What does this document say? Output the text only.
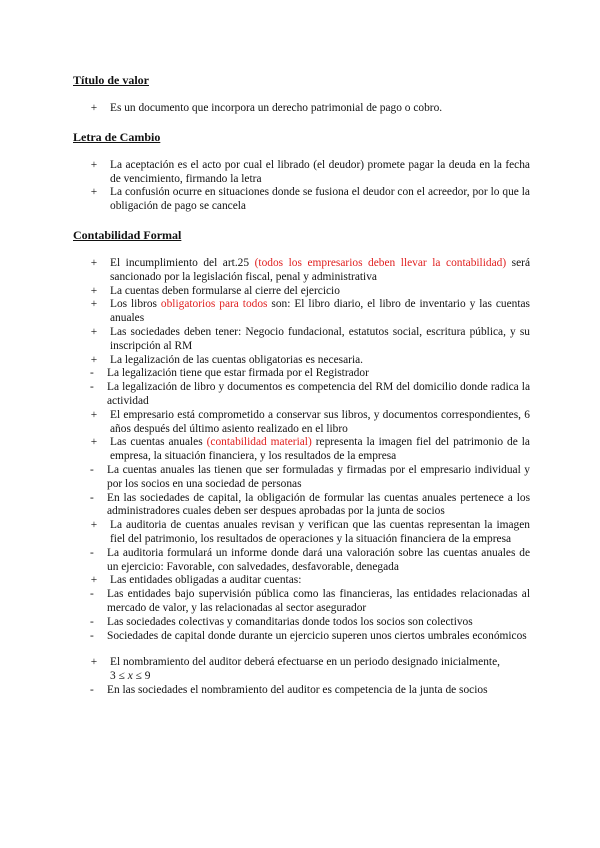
Título de valor
+ Es un documento que incorpora un derecho patrimonial de pago o cobro.
Letra de Cambio
+ La aceptación es el acto por cual el librado (el deudor) promete pagar la deuda en la fecha de vencimiento, firmando la letra
+ La confusión ocurre en situaciones donde se fusiona el deudor con el acreedor, por lo que la obligación de pago se cancela
Contabilidad Formal
+ El incumplimiento del art.25 (todos los empresarios deben llevar la contabilidad) será sancionado por la legislación fiscal, penal y administrativa
+ La cuentas deben formularse al cierre del ejercicio
+ Los libros obligatorios para todos son: El libro diario, el libro de inventario y las cuentas anuales
+ Las sociedades deben tener: Negocio fundacional, estatutos social, escritura pública, y su inscripción al RM
+ La legalización de las cuentas obligatorias es necesaria.
- La legalización tiene que estar firmada por el Registrador
- La legalización de libro y documentos es competencia del RM del domicilio donde radica la actividad
+ El empresario está comprometido a conservar sus libros, y documentos correspondientes, 6 años después del último asiento realizado en el libro
+ Las cuentas anuales (contabilidad material) representa la imagen fiel del patrimonio de la empresa, la situación financiera, y los resultados de la empresa
- La cuentas anuales las tienen que ser formuladas y firmadas por el empresario individual y por los socios en una sociedad de personas
- En las sociedades de capital, la obligación de formular las cuentas anuales pertenece a los administradores cuales deben ser despues aprobadas por la junta de socios
+ La auditoria de cuentas anuales revisan y verifican que las cuentas representan la imagen fiel del patrimonio, los resultados de operaciones y la situación financiera de la empresa
- La auditoria formulará un informe donde dará una valoración sobre las cuentas anuales de un ejercicio: Favorable, con salvedades, desfavorable, denegada
+ Las entidades obligadas a auditar cuentas:
- Las entidades bajo supervisión pública como las financieras, las entidades relacionadas al mercado de valor, y las relacionadas al sector asegurador
- Las sociedades colectivas y comanditarias donde todos los socios son colectivos
- Sociedades de capital donde durante un ejercicio superen unos ciertos umbrales económicos
+ El nombramiento del auditor deberá efectuarse en un periodo designado inicialmente,
3 ≤ x ≤ 9
- En las sociedades el nombramiento del auditor es competencia de la junta de socios
